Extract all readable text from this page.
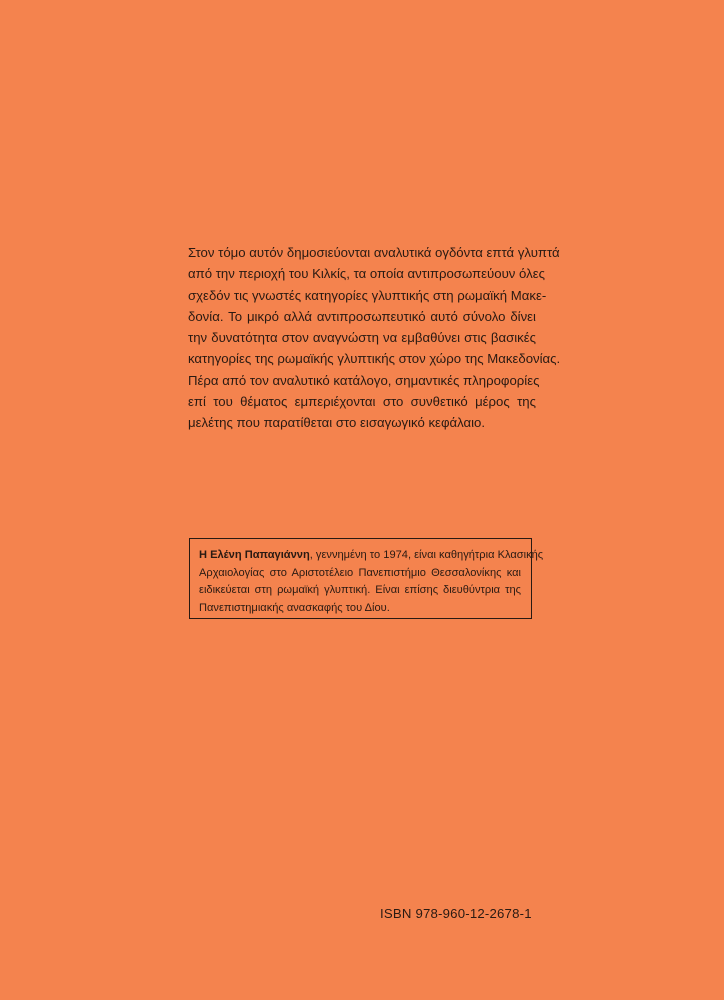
Στον τόμο αυτόν δημοσιεύονται αναλυτικά ογδόντα επτά γλυπτά
από την περιοχή του Κιλκίς, τα οποία αντιπροσωπεύουν όλες
σχεδόν τις γνωστές κατηγορίες γλυπτικής στη ρωμαϊκή Μακε-
δονία. Το μικρό αλλά αντιπροσωπευτικό αυτό σύνολο δίνει
την δυνατότητα στον αναγνώστη να εμβαθύνει στις βασικές
κατηγορίες της ρωμαϊκής γλυπτικής στον χώρο της Μακεδονίας.
Πέρα από τον αναλυτικό κατάλογο, σημαντικές πληροφορίες
επί του θέματος εμπεριέχονται στο συνθετικό μέρος της
μελέτης που παρατίθεται στο εισαγωγικό κεφάλαιο.
Η Ελένη Παπαγιάννη, γεννημένη το 1974, είναι καθηγήτρια Κλασικής
Αρχαιολογίας στο Αριστοτέλειο Πανεπιστήμιο Θεσσαλονίκης και
ειδικεύεται στη ρωμαϊκή γλυπτική. Είναι επίσης διευθύντρια της
Πανεπιστημιακής ανασκαφής του Δίου.
ISBN 978-960-12-2678-1
